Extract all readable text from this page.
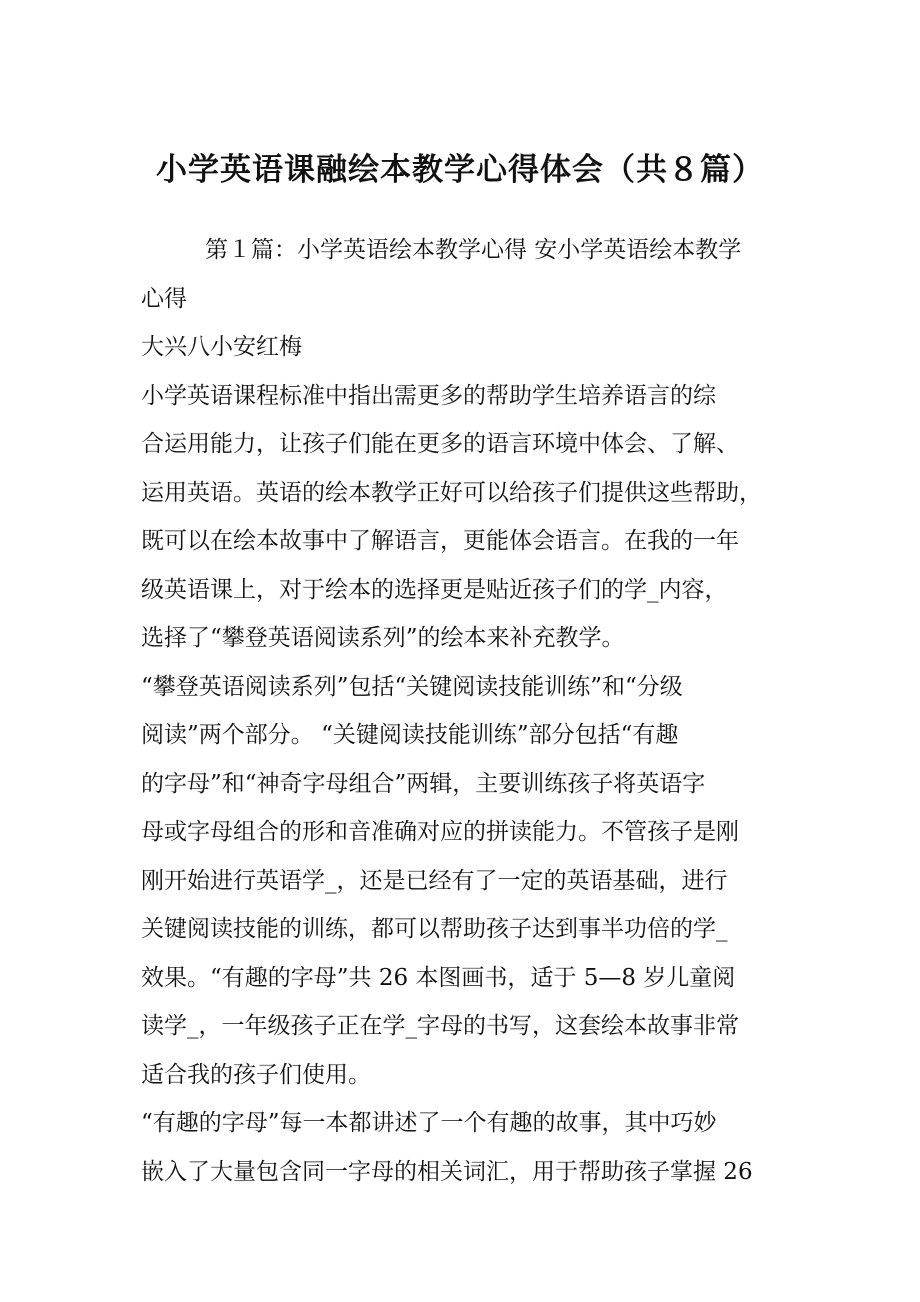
小学英语课融绘本教学心得体会（共８篇）
第１篇：小学英语绘本教学心得 安小学英语绘本教学
心得
大兴八小安红梅
小学英语课程标准中指出需更多的帮助学生培养语言的综
合运用能力，让孩子们能在更多的语言环境中体会、了解、
运用英语。英语的绘本教学正好可以给孩子们提供这些帮助，
既可以在绘本故事中了解语言，更能体会语言。在我的一年
级英语课上，对于绘本的选择更是贴近孩子们的学_内容，
选择了“攀登英语阅读系列”的绘本来补充教学。
“攀登英语阅读系列”包括“关键阅读技能训练”和“分级
阅读”两个部分。 “关键阅读技能训练”部分包括“有趣
的字母”和“神奇字母组合”两辑，主要训练孩子将英语字
母或字母组合的形和音准确对应的拼读能力。不管孩子是刚
刚开始进行英语学_，还是已经有了一定的英语基础，进行
关键阅读技能的训练，都可以帮助孩子达到事半功倍的学_
效果。“有趣的字母”共 26 本图画书，适于 5—8 岁儿童阅
读学_，一年级孩子正在学_字母的书写，这套绘本故事非常
适合我的孩子们使用。
“有趣的字母”每一本都讲述了一个有趣的故事，其中巧妙
嵌入了大量包含同一字母的相关词汇，用于帮助孩子掌握 26
